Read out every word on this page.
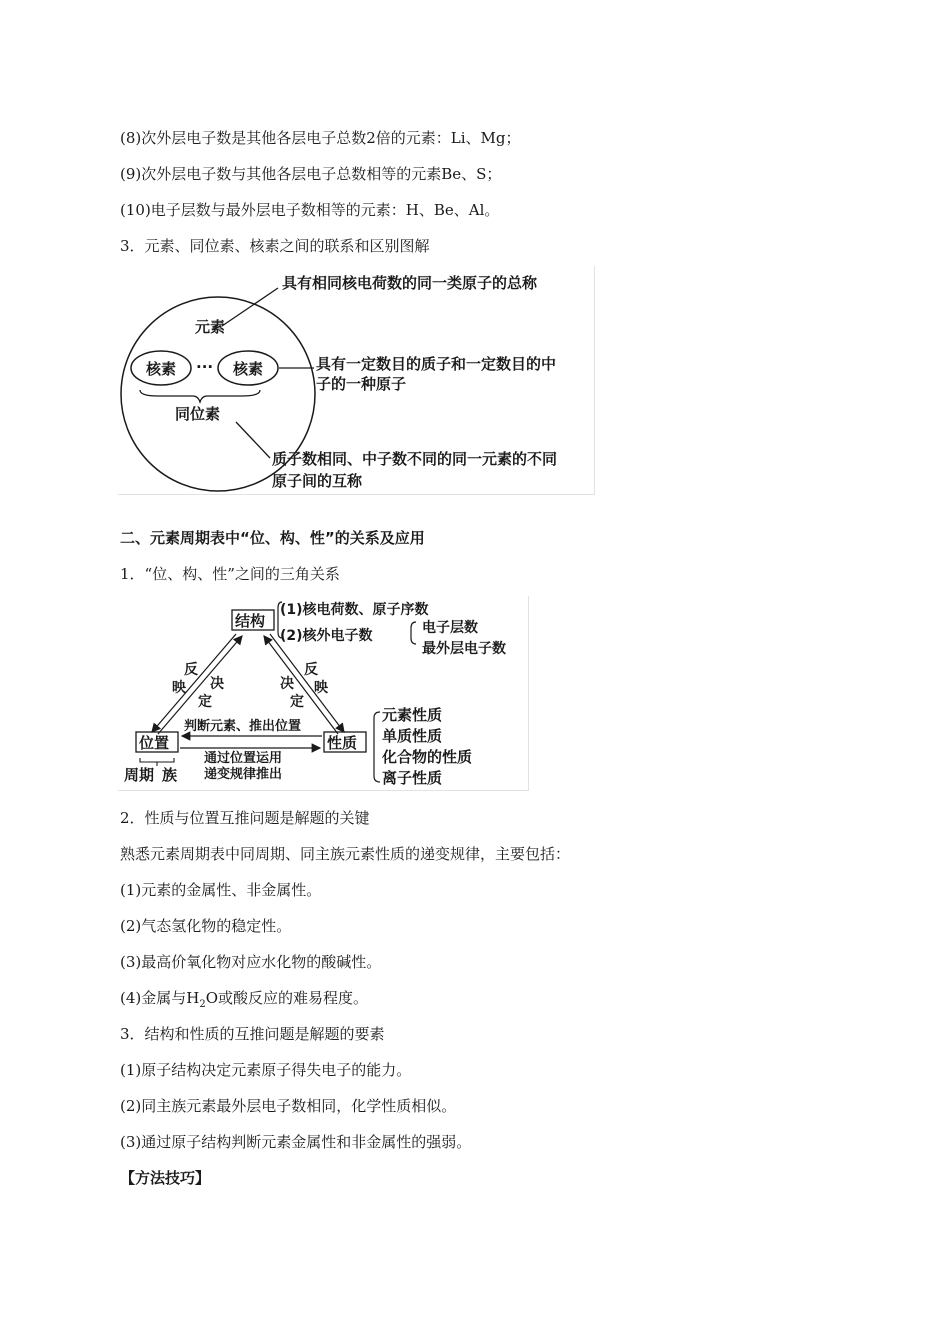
(8)次外层电子数是其他各层电子总数2倍的元素：Li、Mg；
(9)次外层电子数与其他各层电子总数相等的元素Be、S；
(10)电子层数与最外层电子数相等的元素：H、Be、Al。
3．元素、同位素、核素之间的联系和区别图解
元素
核素 ··· 核素
同位素
具有相同核电荷数的同一类原子的总称
具有一定数目的质子和一定数目的中
子的一种原子
质子数相同、中子数不同的同一元素的不同
原子间的互称
二、元素周期表中“位、构、性”的关系及应用
1．“位、构、性”之间的三角关系
结构
(1)核电荷数、原子序数
(2)核外电子数	电子层数
最外层电子数
反
映 决
定
反
映
决
定
位置	性质
判断元素、推出位置
通过位置运用
递变规律推出
周期 族
元素性质
单质性质
化合物的性质
离子性质
2．性质与位置互推问题是解题的关键
熟悉元素周期表中同周期、同主族元素性质的递变规律，主要包括：
(1)元素的金属性、非金属性。
(2)气态氢化物的稳定性。
(3)最高价氧化物对应水化物的酸碱性。
(4)金属与$H_2O$或酸反应的难易程度。
3．结构和性质的互推问题是解题的要素
(1)原子结构决定元素原子得失电子的能力。
(2)同主族元素最外层电子数相同，化学性质相似。
(3)通过原子结构判断元素金属性和非金属性的强弱。
【方法技巧】
